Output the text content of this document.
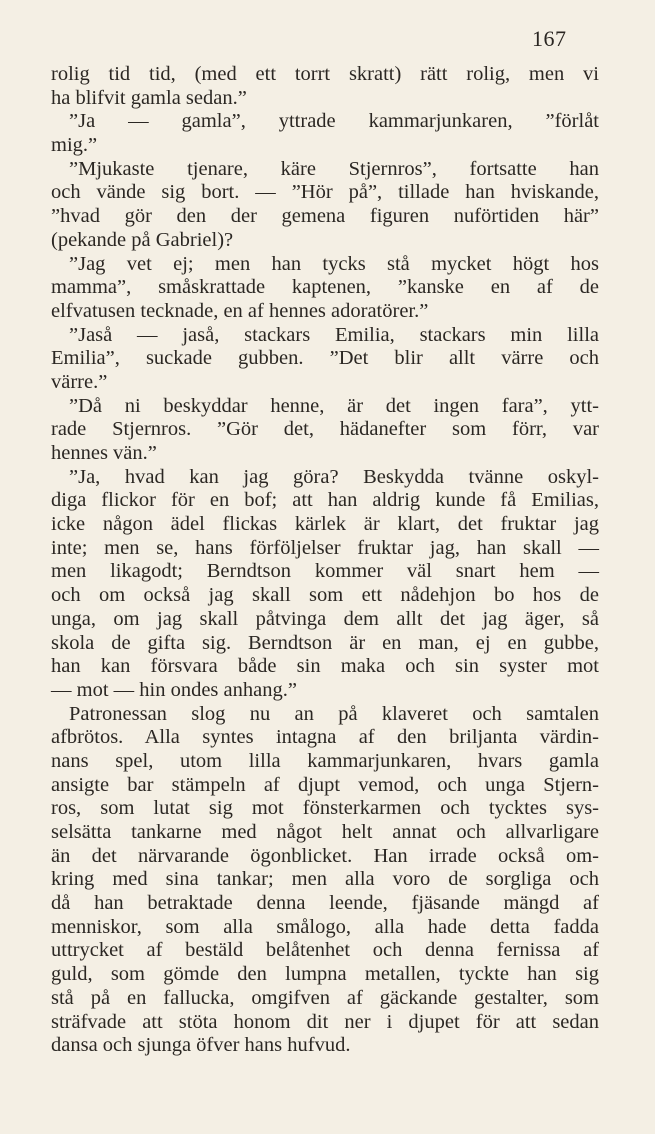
167
rolig tid tid, (med ett torrt skratt) rätt rolig, men vi
ha blifvit gamla sedan.”
”Ja — gamla”, yttrade kammarjunkaren, ”förlåt
mig.”
”Mjukaste tjenare, käre Stjernros”, fortsatte han
och vände sig bort. — ”Hör på”, tillade han hviskande,
”hvad gör den der gemena figuren nuförtiden här”
(pekande på Gabriel)?
”Jag vet ej; men han tycks stå mycket högt hos
mamma”, småskrattade kaptenen, ”kanske en af de
elfvatusen tecknade, en af hennes adoratörer.”
”Jaså — jaså, stackars Emilia, stackars min lilla
Emilia”, suckade gubben. ”Det blir allt värre och
värre.”
”Då ni beskyddar henne, är det ingen fara”, ytt-
rade Stjernros. ”Gör det, hädanefter som förr, var
hennes vän.”
”Ja, hvad kan jag göra? Beskydda tvänne oskyl-
diga flickor för en bof; att han aldrig kunde få Emilias,
icke någon ädel flickas kärlek är klart, det fruktar jag
inte; men se, hans förföljelser fruktar jag, han skall —
men likagodt; Berndtson kommer väl snart hem —
och om också jag skall som ett nådehjon bo hos de
unga, om jag skall påtvinga dem allt det jag äger, så
skola de gifta sig. Berndtson är en man, ej en gubbe,
han kan försvara både sin maka och sin syster mot
— mot — hin ondes anhang.”
Patronessan slog nu an på klaveret och samtalen
afbrötos. Alla syntes intagna af den briljanta värdin-
nans spel, utom lilla kammarjunkaren, hvars gamla
ansigte bar stämpeln af djupt vemod, och unga Stjern-
ros, som lutat sig mot fönsterkarmen och tycktes sys-
selsätta tankarne med något helt annat och allvarligare
än det närvarande ögonblicket. Han irrade också om-
kring med sina tankar; men alla voro de sorgliga och
då han betraktade denna leende, fjäsande mängd af
menniskor, som alla smålogo, alla hade detta fadda
uttrycket af bestäld belåtenhet och denna fernissa af
guld, som gömde den lumpna metallen, tyckte han sig
stå på en fallucka, omgifven af gäckande gestalter, som
sträfvade att stöta honom dit ner i djupet för att sedan
dansa och sjunga öfver hans hufvud.
